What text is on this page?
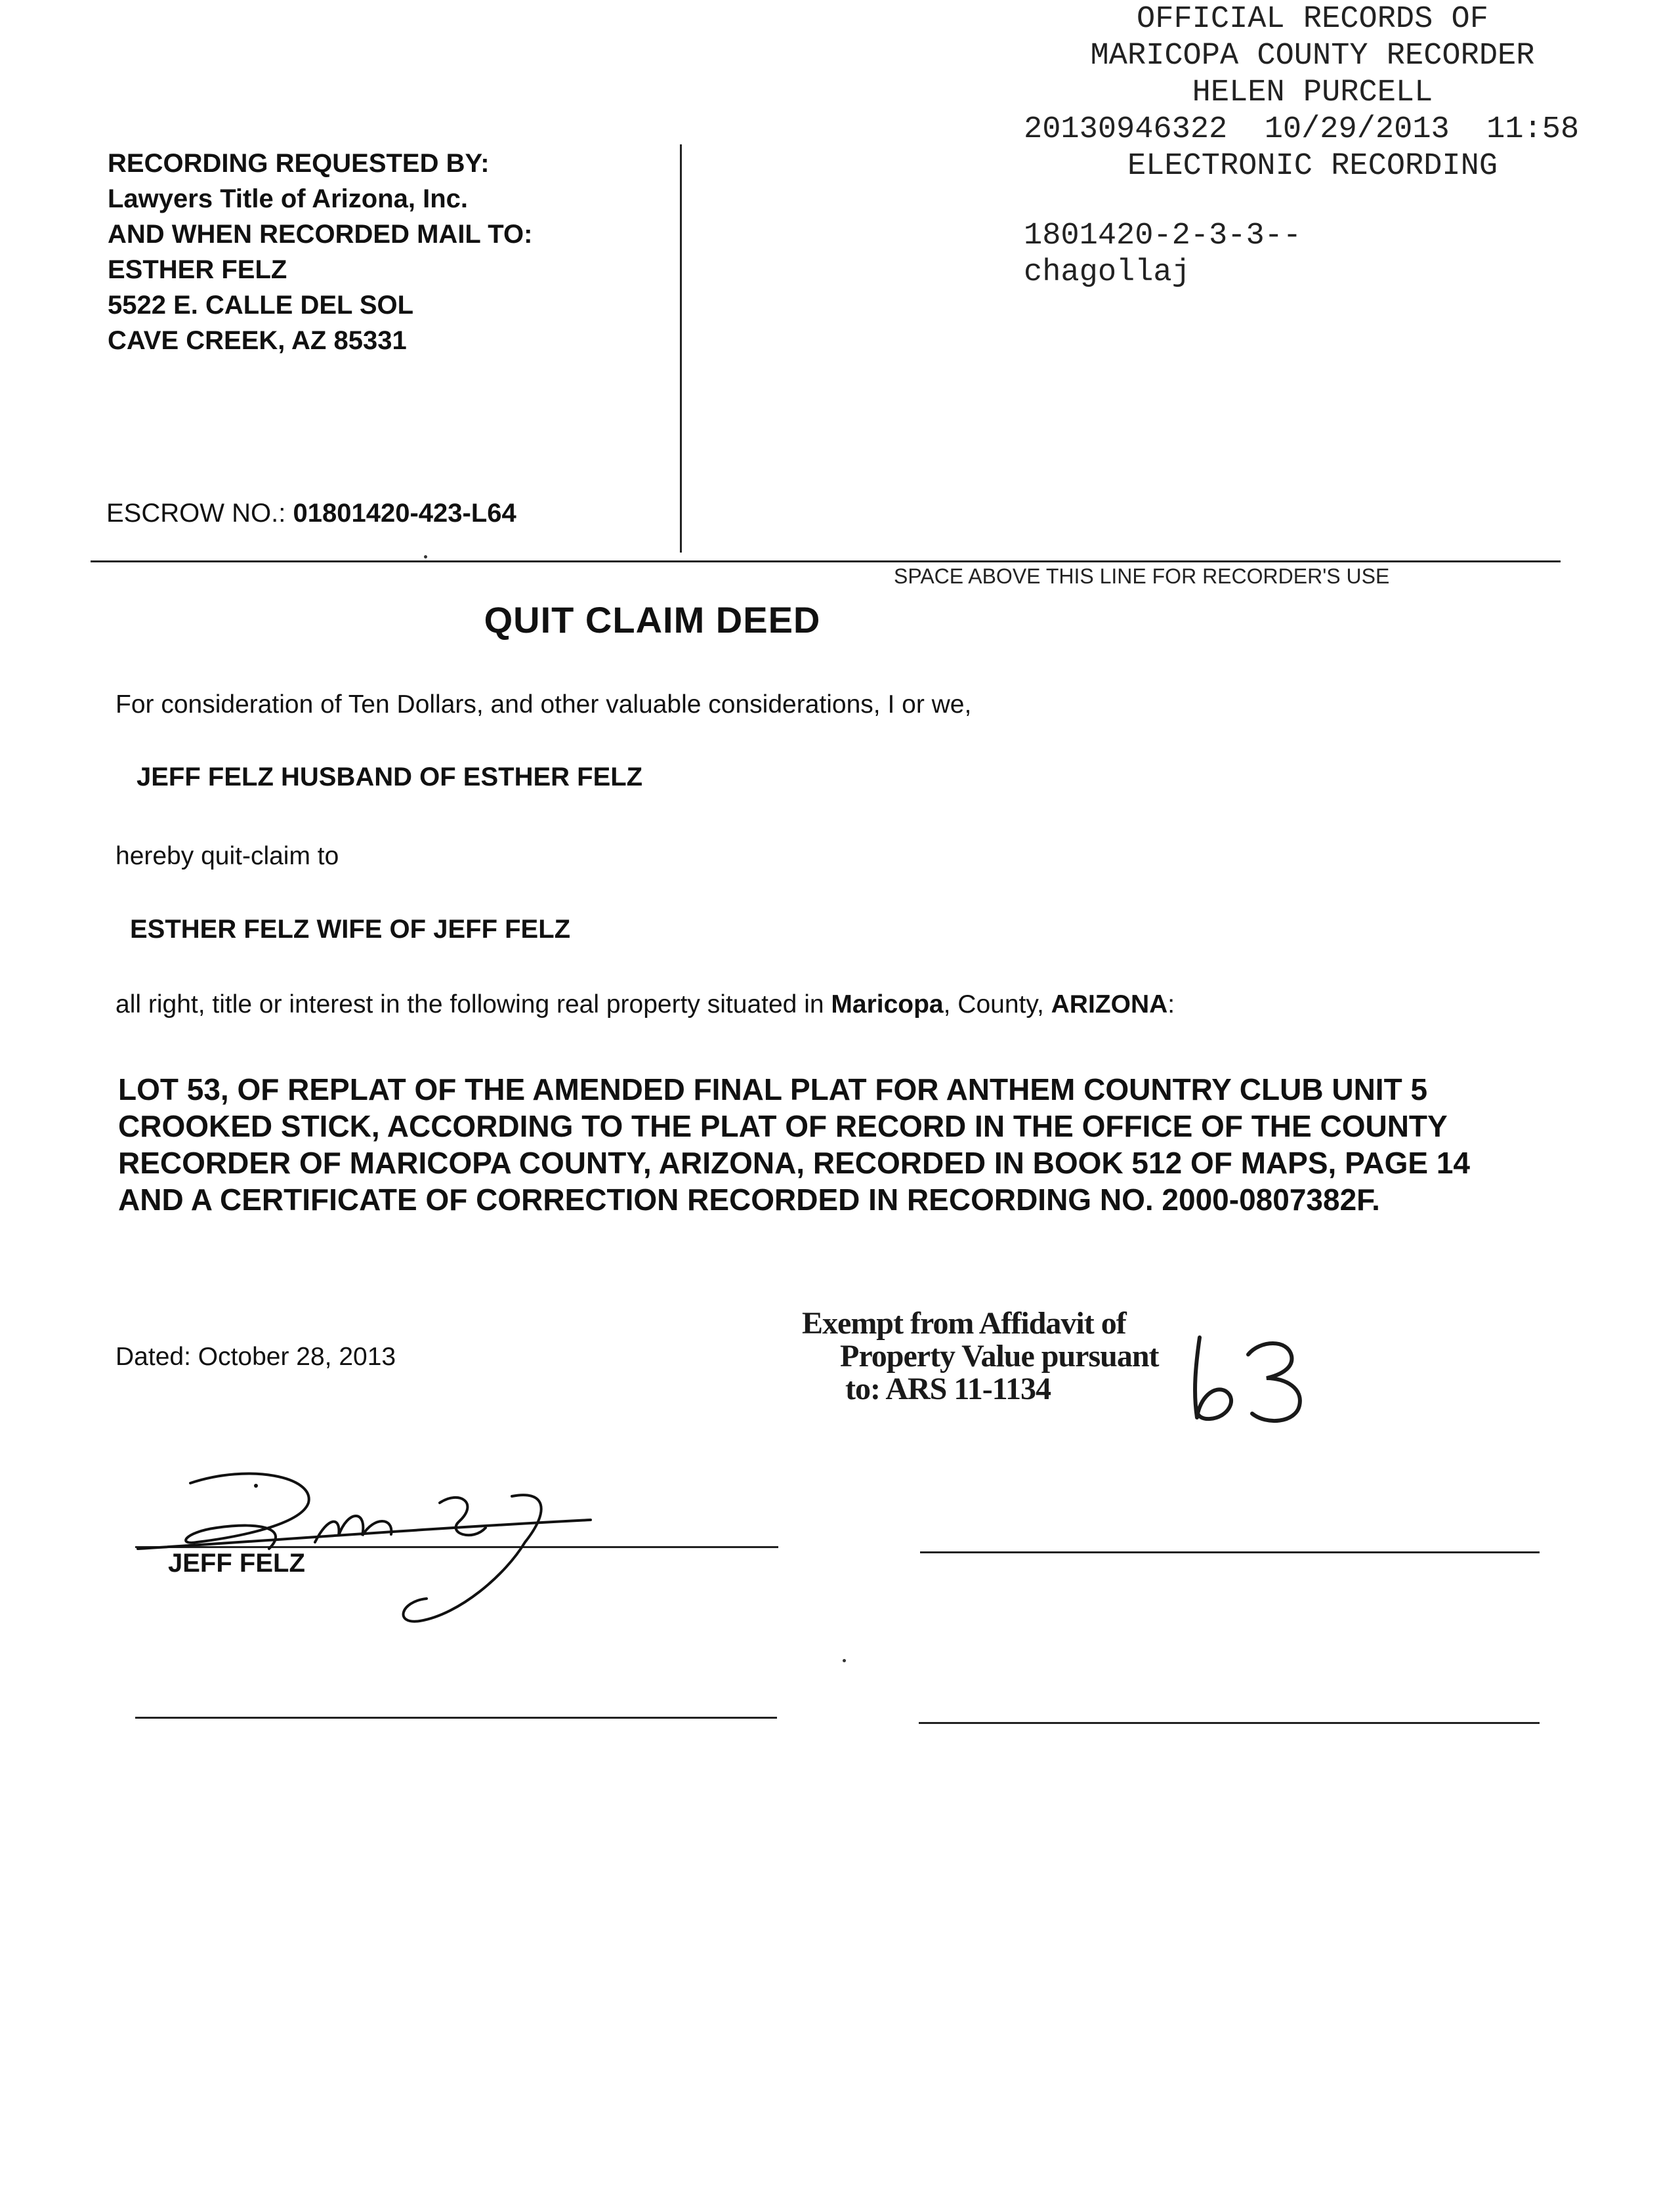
OFFICIAL RECORDS OF
MARICOPA COUNTY RECORDER
HELEN PURCELL
20130946322 10/29/2013 11:58
ELECTRONIC RECORDING
1801420-2-3-3--
chagollaj
RECORDING REQUESTED BY:
Lawyers Title of Arizona, Inc.
AND WHEN RECORDED MAIL TO:
ESTHER FELZ
5522 E. CALLE DEL SOL
CAVE CREEK, AZ 85331
ESCROW NO.: 01801420-423-L64
SPACE ABOVE THIS LINE FOR RECORDER'S USE
QUIT CLAIM DEED
For consideration of Ten Dollars, and other valuable considerations, I or we,
JEFF FELZ HUSBAND OF ESTHER FELZ
hereby quit-claim to
ESTHER FELZ WIFE OF JEFF FELZ
all right, title or interest in the following real property situated in Maricopa, County, ARIZONA:
LOT 53, OF REPLAT OF THE AMENDED FINAL PLAT FOR ANTHEM COUNTRY CLUB UNIT 5
CROOKED STICK, ACCORDING TO THE PLAT OF RECORD IN THE OFFICE OF THE COUNTY
RECORDER OF MARICOPA COUNTY, ARIZONA, RECORDED IN BOOK 512 OF MAPS, PAGE 14
AND A CERTIFICATE OF CORRECTION RECORDED IN RECORDING NO. 2000-0807382F.
Dated: October 28, 2013
Exempt from Affidavit of
Property Value pursuant
to: ARS 11-1134
JEFF FELZ
